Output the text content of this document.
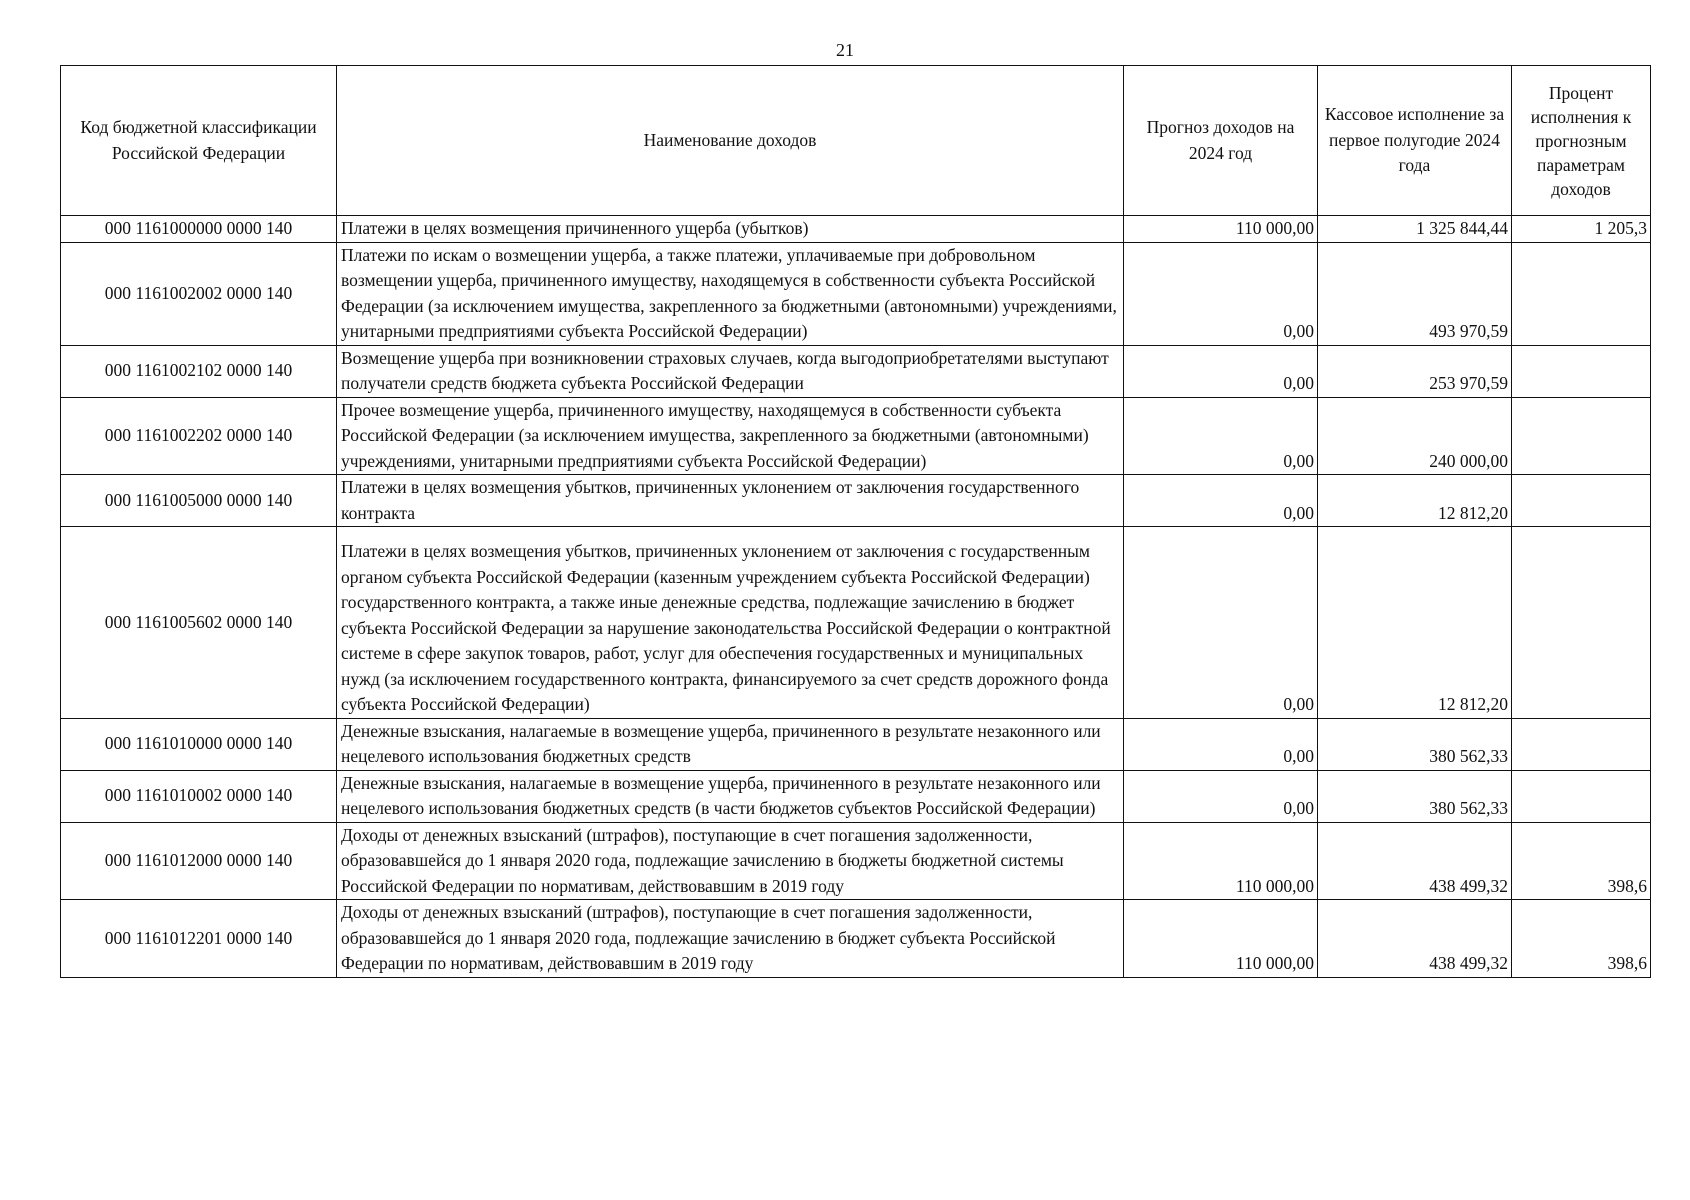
21
Код бюджетной классификации Российской Федерации	Наименование доходов	Прогноз доходов на 2024 год	Кассовое исполнение за первое полугодие 2024 года	Процент исполнения к прогнозным параметрам доходов
000 1161000000 0000 140	Платежи в целях возмещения причиненного ущерба (убытков)	110 000,00	1 325 844,44	1 205,3
000 1161002002 0000 140	Платежи по искам о возмещении ущерба, а также платежи, уплачиваемые при добровольном возмещении ущерба, причиненного имуществу, находящемуся в собственности субъекта Российской Федерации (за исключением имущества, закрепленного за бюджетными (автономными) учреждениями, унитарными предприятиями субъекта Российской Федерации)	0,00	493 970,59	
000 1161002102 0000 140	Возмещение ущерба при возникновении страховых случаев, когда выгодоприобретателями выступают получатели средств бюджета субъекта Российской Федерации	0,00	253 970,59	
000 1161002202 0000 140	Прочее возмещение ущерба, причиненного имуществу, находящемуся в собственности субъекта Российской Федерации (за исключением имущества, закрепленного за бюджетными (автономными) учреждениями, унитарными предприятиями субъекта Российской Федерации)	0,00	240 000,00	
000 1161005000 0000 140	Платежи в целях возмещения убытков, причиненных уклонением от заключения государственного контракта	0,00	12 812,20	
000 1161005602 0000 140	Платежи в целях возмещения убытков, причиненных уклонением от заключения с государственным органом субъекта Российской Федерации (казенным учреждением субъекта Российской Федерации) государственного контракта, а также иные денежные средства, подлежащие зачислению в бюджет субъекта Российской Федерации за нарушение законодательства Российской Федерации о контрактной системе в сфере закупок товаров, работ, услуг для обеспечения государственных и муниципальных нужд (за исключением государственного контракта, финансируемого за счет средств дорожного фонда субъекта Российской Федерации)	0,00	12 812,20	
000 1161010000 0000 140	Денежные взыскания, налагаемые в возмещение ущерба, причиненного в результате незаконного или нецелевого использования бюджетных средств	0,00	380 562,33	
000 1161010002 0000 140	Денежные взыскания, налагаемые в возмещение ущерба, причиненного в результате незаконного или нецелевого использования бюджетных средств (в части бюджетов субъектов Российской Федерации)	0,00	380 562,33	
000 1161012000 0000 140	Доходы от денежных взысканий (штрафов), поступающие в счет погашения задолженности, образовавшейся до 1 января 2020 года, подлежащие зачислению в бюджеты бюджетной системы Российской Федерации по нормативам, действовавшим в 2019 году	110 000,00	438 499,32	398,6
000 1161012201 0000 140	Доходы от денежных взысканий (штрафов), поступающие в счет погашения задолженности, образовавшейся до 1 января 2020 года, подлежащие зачислению в бюджет субъекта Российской Федерации по нормативам, действовавшим в 2019 году	110 000,00	438 499,32	398,6
